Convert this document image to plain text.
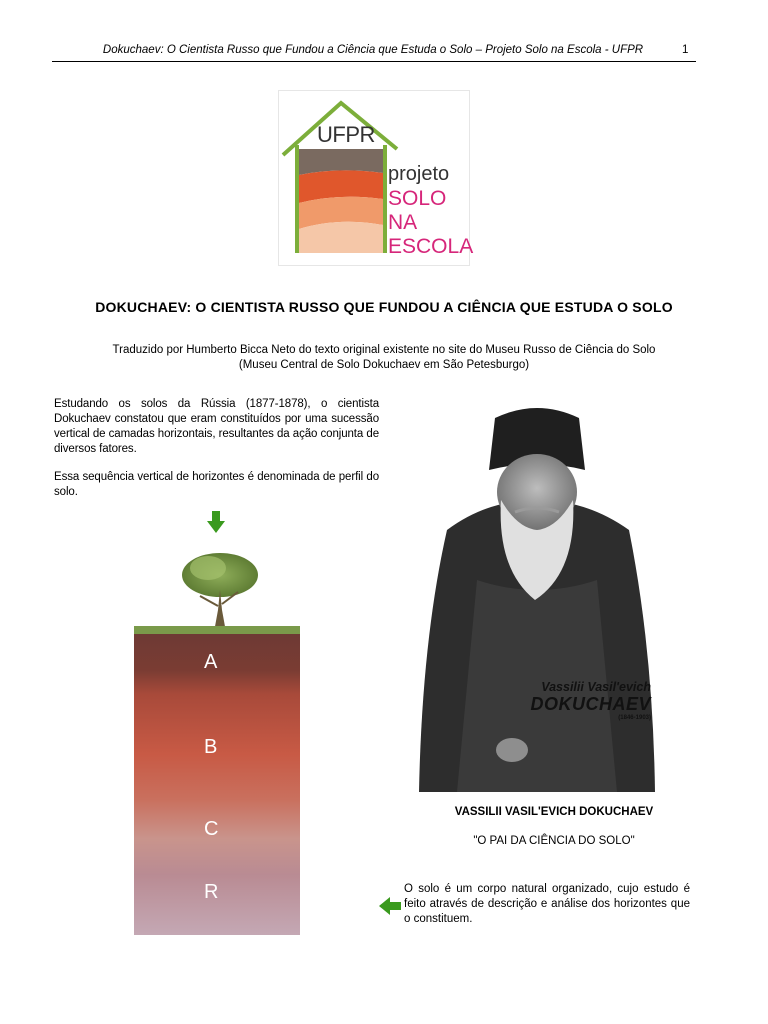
Dokuchaev: O Cientista Russo que Fundou a Ciência que Estuda o Solo – Projeto Solo na Escola - UFPR	1
UFPR
projeto
SOLO
NA
ESCOLA
DOKUCHAEV: O CIENTISTA RUSSO QUE FUNDOU A CIÊNCIA QUE ESTUDA O SOLO
Traduzido por Humberto Bicca Neto do texto original existente no site do Museu Russo de Ciência do Solo
(Museu Central de Solo Dokuchaev em São Petesburgo)
Estudando os solos da Rússia (1877-1878), o cientista Dokuchaev constatou que eram constituídos por uma sucessão vertical de camadas horizontais, resultantes da ação conjunta de diversos fatores.
Essa sequência vertical de horizontes é denominada de perfil do solo.
A
B
C
R
Vassilii Vasil'evich
DOKUCHAEV
(1846-1903)
VASSILII VASIL'EVICH DOKUCHAEV
"O PAI DA CIÊNCIA DO SOLO"
O solo é um corpo natural organizado, cujo estudo é feito através de descrição e análise dos horizontes que o constituem.
